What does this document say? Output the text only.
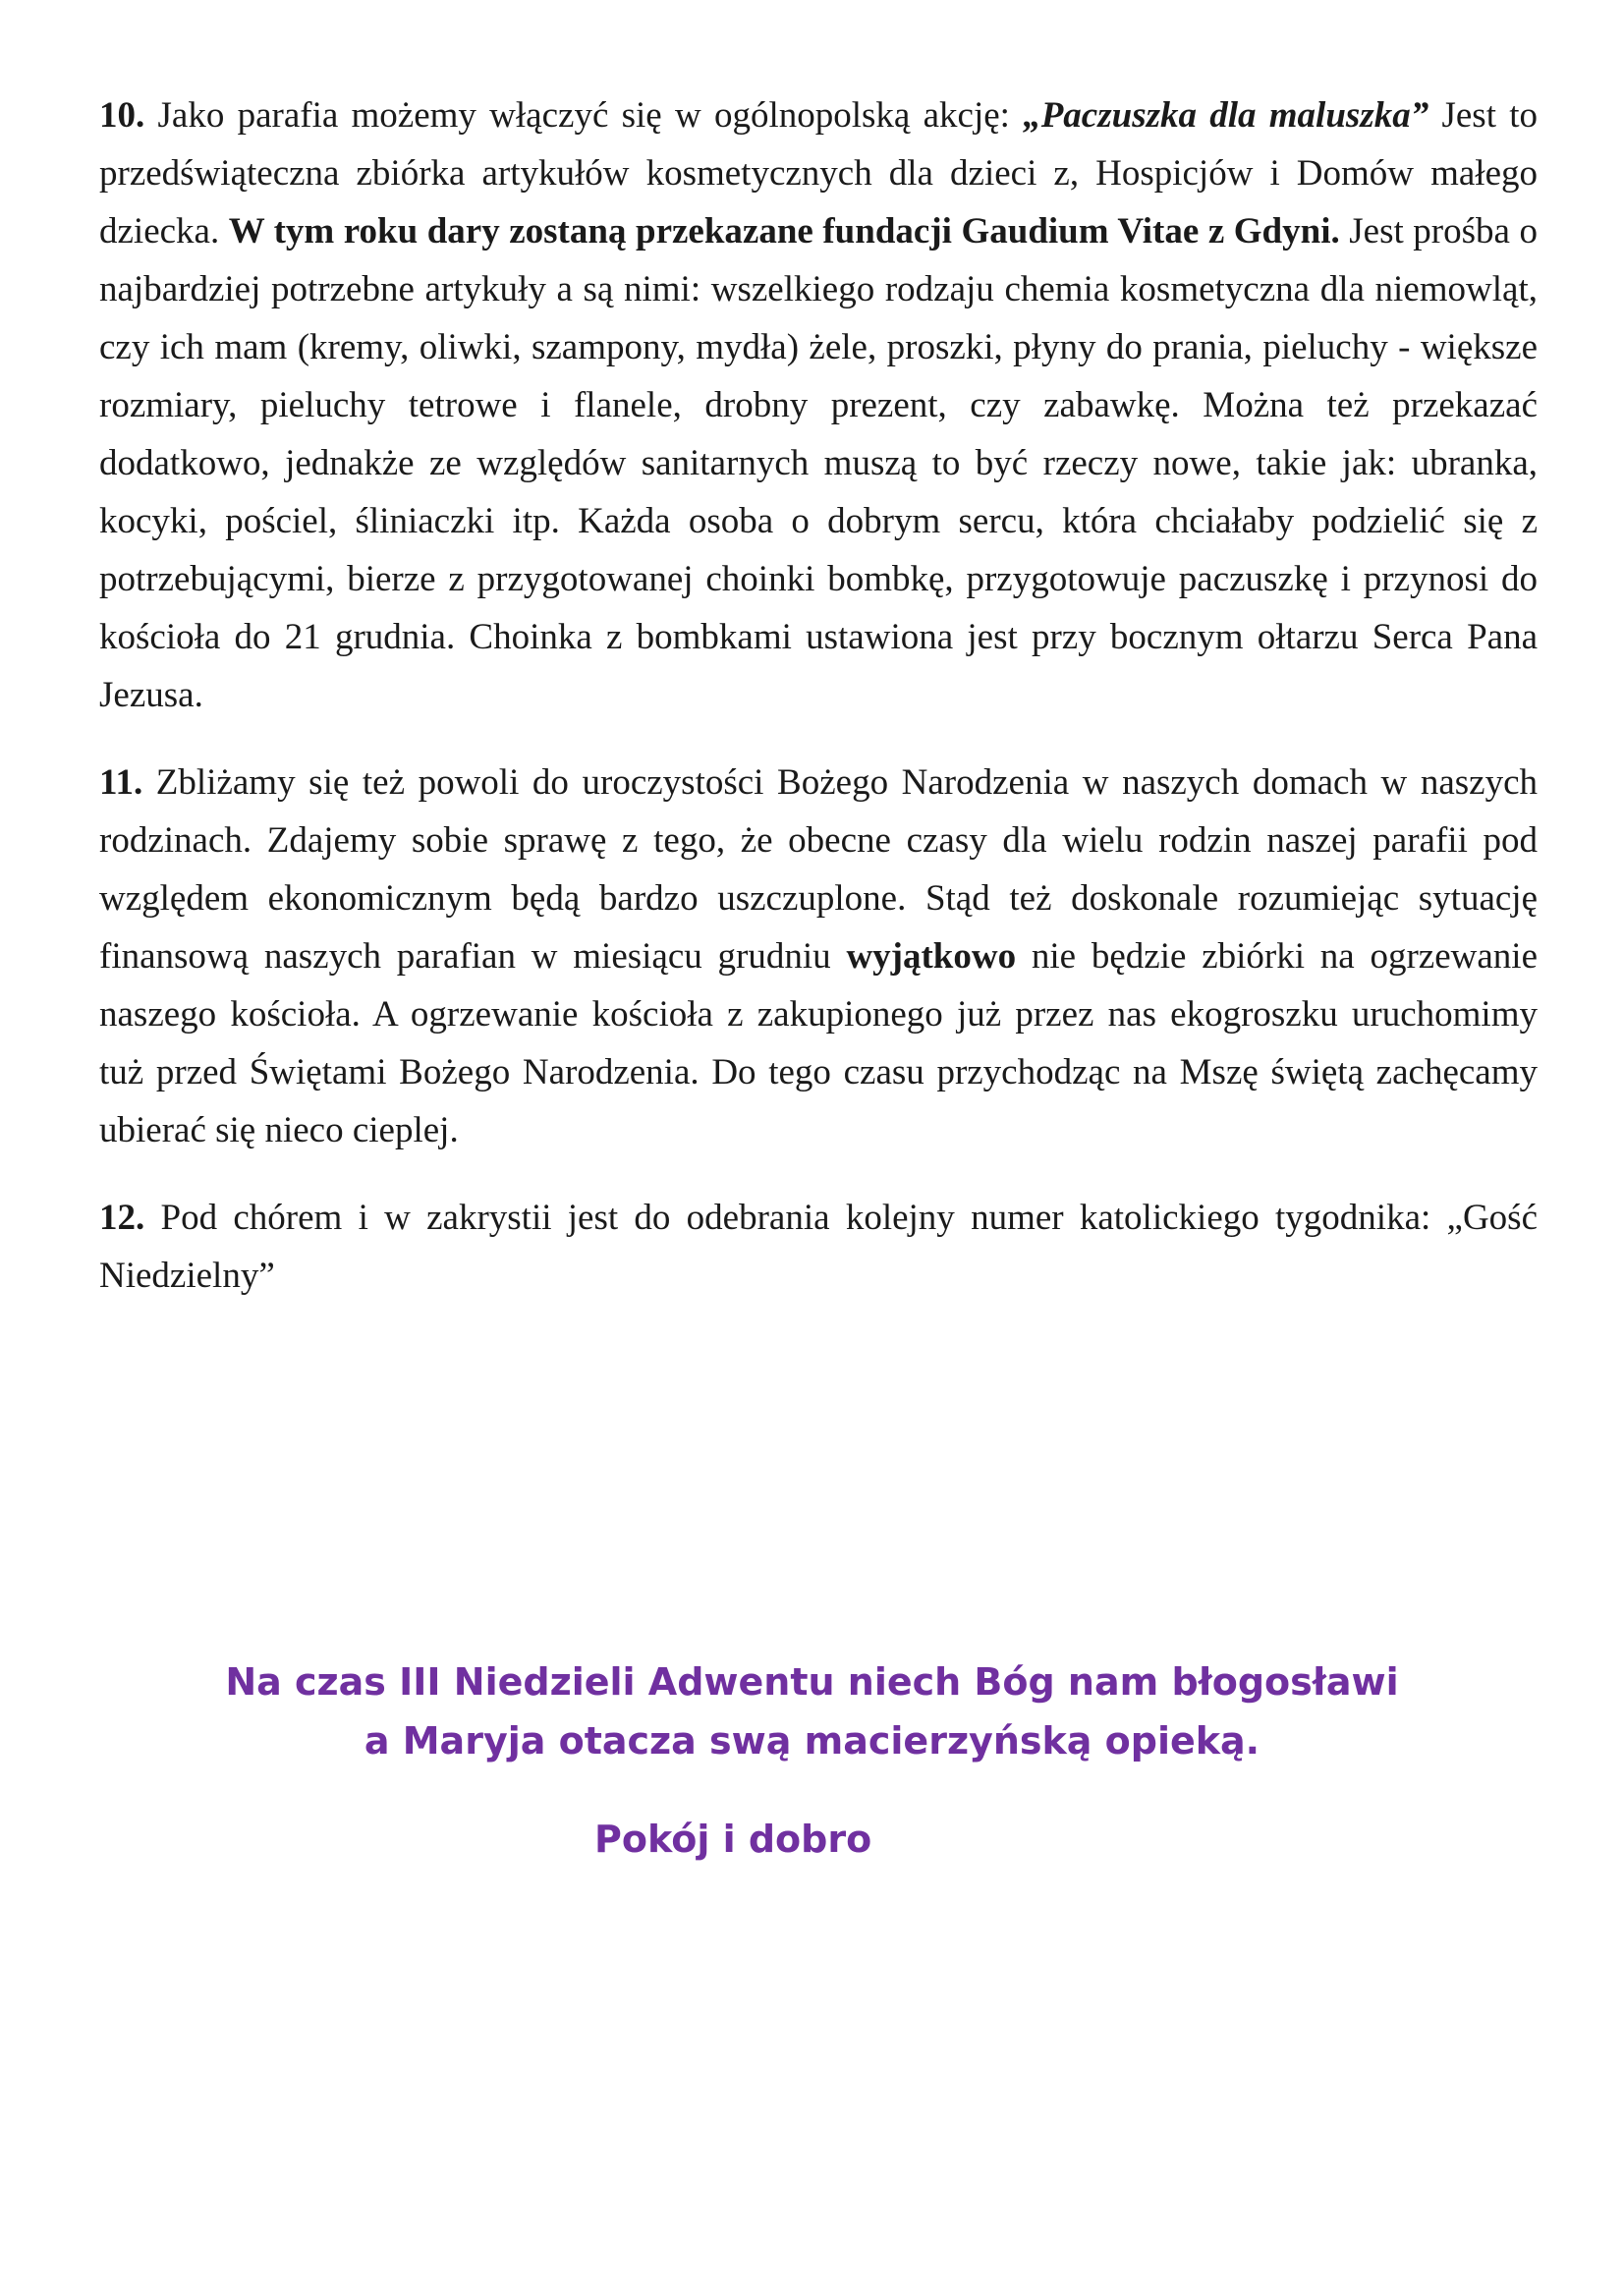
10. Jako parafia możemy włączyć się w ogólnopolską akcję: „Paczuszka dla maluszka” Jest to przedświąteczna zbiórka artykułów kosmetycznych dla dzieci z, Hospicjów i Domów małego dziecka. W tym roku dary zostaną przekazane fundacji Gaudium Vitae z Gdyni. Jest prośba o najbardziej potrzebne artykuły a są nimi: wszelkiego rodzaju chemia kosmetyczna dla niemowląt, czy ich mam (kremy, oliwki, szampony, mydła) żele, proszki, płyny do prania, pieluchy - większe rozmiary, pieluchy tetrowe i flanele, drobny prezent, czy zabawkę. Można też przekazać dodatkowo, jednakże ze względów sanitarnych muszą to być rzeczy nowe, takie jak: ubranka, kocyki, pościel, śliniaczki itp. Każda osoba o dobrym sercu, która chciałaby podzielić się z potrzebującymi, bierze z przygotowanej choinki bombkę, przygotowuje paczuszkę i przynosi do kościoła do 21 grudnia. Choinka z bombkami ustawiona jest przy bocznym ołtarzu Serca Pana Jezusa.

11. Zbliżamy się też powoli do uroczystości Bożego Narodzenia w naszych domach w naszych rodzinach. Zdajemy sobie sprawę z tego, że obecne czasy dla wielu rodzin naszej parafii pod względem ekonomicznym będą bardzo uszczuplone. Stąd też doskonale rozumiejąc sytuację finansową naszych parafian w miesiącu grudniu wyjątkowo nie będzie zbiórki na ogrzewanie naszego kościoła. A ogrzewanie kościoła z zakupionego już przez nas ekogroszku uruchomimy tuż przed Świętami Bożego Narodzenia. Do tego czasu przychodząc na Mszę świętą zachęcamy ubierać się nieco cieplej.

12. Pod chórem i w zakrystii jest do odebrania kolejny numer katolickiego tygodnika: „Gość Niedzielny”

Na czas III Niedzieli Adwentu niech Bóg nam błogosławi
a Maryja otacza swą macierzyńską opieką.
Pokój i dobro
